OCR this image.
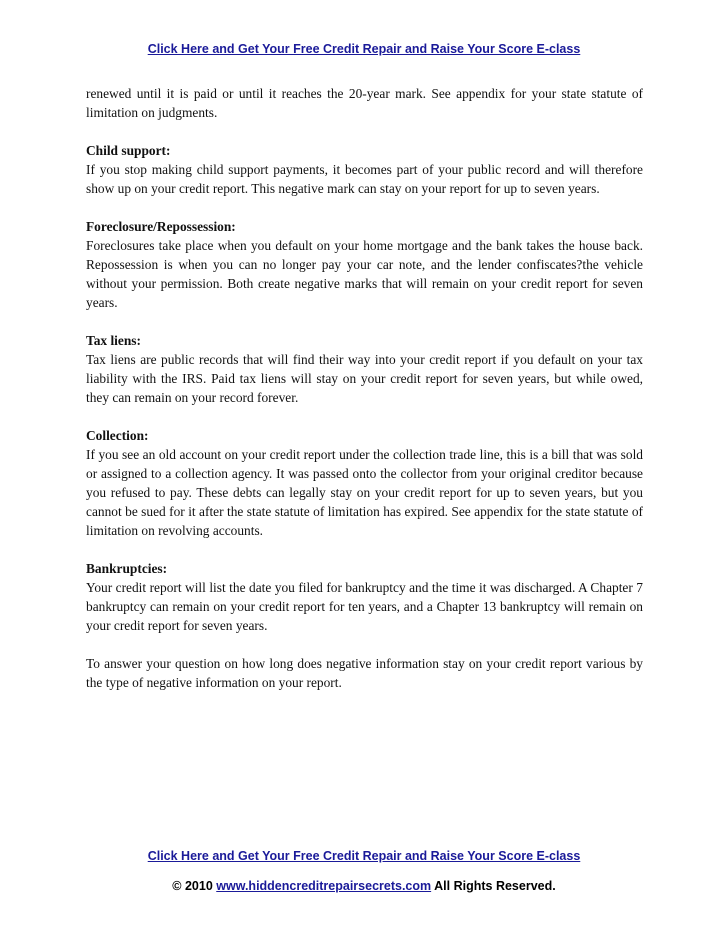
Click Here and Get Your Free Credit Repair and Raise Your Score E-class

renewed until it is paid or until it reaches the 20-year mark. See appendix for your state statute of limitation on judgments.

Child support:
If you stop making child support payments, it becomes part of your public record and will therefore show up on your credit report. This negative mark can stay on your report for up to seven years.

Foreclosure/Repossession:
Foreclosures take place when you default on your home mortgage and the bank takes the house back. Repossession is when you can no longer pay your car note, and the lender confiscates?the vehicle without your permission. Both create negative marks that will remain on your credit report for seven years.

Tax liens:
Tax liens are public records that will find their way into your credit report if you default on your tax liability with the IRS. Paid tax liens will stay on your credit report for seven years, but while owed, they can remain on your record forever.

Collection:
If you see an old account on your credit report under the collection trade line, this is a bill that was sold or assigned to a collection agency. It was passed onto the collector from your original creditor because you refused to pay. These debts can legally stay on your credit report for up to seven years, but you cannot be sued for it after the state statute of limitation has expired. See appendix for the state statute of limitation on revolving accounts.

Bankruptcies:
Your credit report will list the date you filed for bankruptcy and the time it was discharged. A Chapter 7 bankruptcy can remain on your credit report for ten years, and a Chapter 13 bankruptcy will remain on your credit report for seven years.

To answer your question on how long does negative information stay on your credit report various by the type of negative information on your report.

Click Here and Get Your Free Credit Repair and Raise Your Score E-class
© 2010 www.hiddencreditrepairsecrets.com All Rights Reserved.
